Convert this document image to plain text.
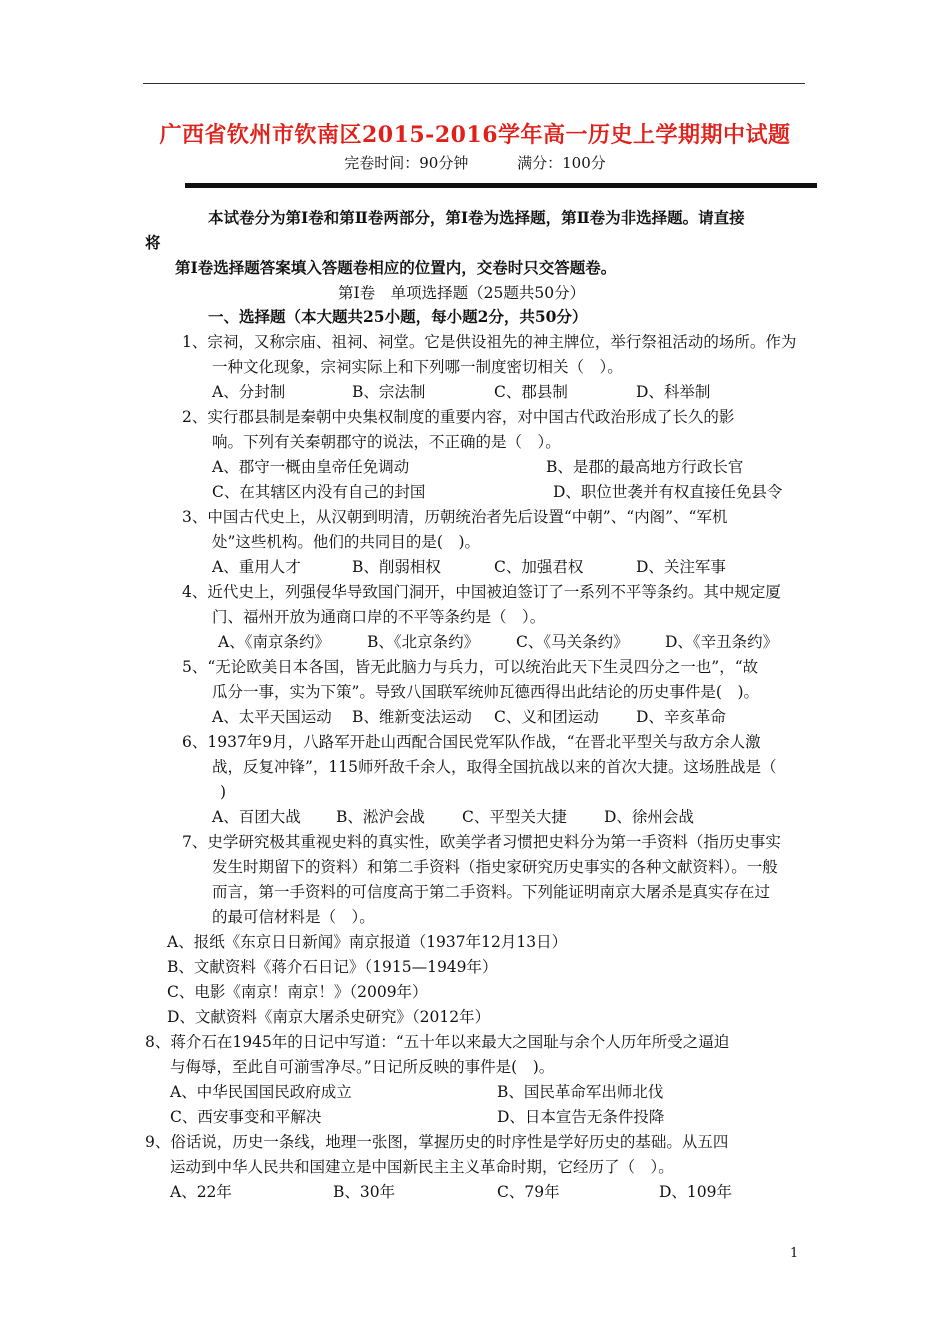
广西省钦州市钦南区2015-2016学年高一历史上学期期中试题
完卷时间：90分钟	满分：100分
本试卷分为第Ⅰ卷和第Ⅱ卷两部分，第Ⅰ卷为选择题，第Ⅱ卷为非选择题。请直接
将
第Ⅰ卷选择题答案填入答题卷相应的位置内，交卷时只交答题卷。
第Ⅰ卷　单项选择题（25题共50分）
一、选择题（本大题共25小题，每小题2分，共50分）
1、宗祠，又称宗庙、祖祠、祠堂。它是供设祖先的神主牌位，举行祭祖活动的场所。作为
一种文化现象，宗祠实际上和下列哪一制度密切相关（　）。
A、分封制	B、宗法制	C、郡县制	D、科举制
2、实行郡县制是秦朝中央集权制度的重要内容，对中国古代政治形成了长久的影
响。下列有关秦朝郡守的说法，不正确的是（　）。
A、郡守一概由皇帝任免调动	B、是郡的最高地方行政长官
C、在其辖区内没有自己的封国	D、职位世袭并有权直接任免县令
3、中国古代史上，从汉朝到明清，历朝统治者先后设置“中朝”、“内阁”、“军机
处”这些机构。他们的共同目的是(　)。
A、重用人才	B、削弱相权	C、加强君权	D、关注军事
4、近代史上，列强侵华导致国门洞开，中国被迫签订了一系列不平等条约。其中规定厦
门、福州开放为通商口岸的不平等条约是（　）。
A、《南京条约》 B、《北京条约》 C、《马关条约》 D、《辛丑条约》
5、“无论欧美日本各国，皆无此脑力与兵力，可以统治此天下生灵四分之一也”，“故
瓜分一事，实为下策”。导致八国联军统帅瓦德西得出此结论的历史事件是(　)。
A、太平天国运动 B、维新变法运动 C、义和团运动 D、辛亥革命
6、1937年9月，八路军开赴山西配合国民党军队作战，“在晋北平型关与敌方余人激
战，反复冲锋”，115师歼敌千余人，取得全国抗战以来的首次大捷。这场胜战是（
)
A、百团大战 B、淞沪会战 C、平型关大捷 D、徐州会战
7、史学研究极其重视史料的真实性，欧美学者习惯把史料分为第一手资料（指历史事实
发生时期留下的资料）和第二手资料（指史家研究历史事实的各种文献资料）。一般
而言，第一手资料的可信度高于第二手资料。下列能证明南京大屠杀是真实存在过
的最可信材料是（　）。
A、报纸《东京日日新闻》南京报道（1937年12月13日）
B、文献资料《蒋介石日记》（1915—1949年）
C、电影《南京！南京！》（2009年）
D、文献资料《南京大屠杀史研究》（2012年）
8、蒋介石在1945年的日记中写道：“五十年以来最大之国耻与余个人历年所受之逼迫
与侮辱，至此自可湔雪净尽。”日记所反映的事件是(　)。
A、中华民国国民政府成立	B、国民革命军出师北伐
C、西安事变和平解决	D、日本宣告无条件投降
9、俗话说，历史一条线，地理一张图，掌握历史的时序性是学好历史的基础。从五四
运动到中华人民共和国建立是中国新民主主义革命时期，它经历了（　）。
A、22年	B、30年	C、79年	D、109年
1
